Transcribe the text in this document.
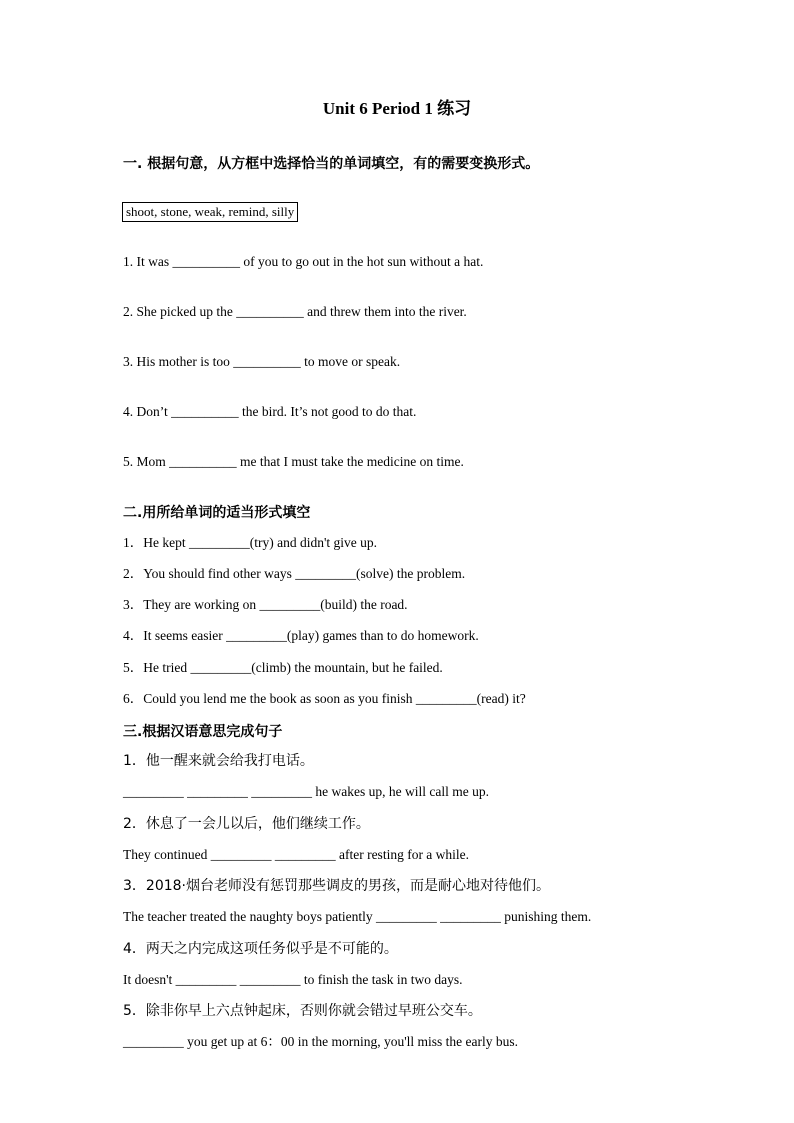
Unit 6 Period 1 练习

一. 根据句意，从方框中选择恰当的单词填空，有的需要变换形式。

shoot, stone, weak, remind, silly

1. It was __________ of you to go out in the hot sun without a hat.

2. She picked up the __________ and threw them into the river.

3. His mother is too __________ to move or speak.

4. Don’t __________ the bird. It’s not good to do that.

5. Mom __________ me that I must take the medicine on time.

二.用所给单词的适当形式填空

1．He kept _________(try) and didn't give up.

2．You should find other ways _________(solve) the problem.

3．They are working on _________(build) the road.

4．It seems easier _________(play) games than to do homework.

5．He tried _________(climb) the mountain, but he failed.

6．Could you lend me the book as soon as you finish _________(read) it?

三.根据汉语意思完成句子

1．他一醒来就会给我打电话。

_________ _________ _________ he wakes up, he will call me up.

2．休息了一会儿以后，他们继续工作。

They continued _________ _________ after resting for a while.

3．2018·烟台老师没有惩罚那些调皮的男孩，而是耐心地对待他们。

The teacher treated the naughty boys patiently _________ _________ punishing them.

4．两天之内完成这项任务似乎是不可能的。

It doesn't _________ _________ to finish the task in two days.

5．除非你早上六点钟起床，否则你就会错过早班公交车。

_________ you get up at 6：00 in the morning, you'll miss the early bus.
